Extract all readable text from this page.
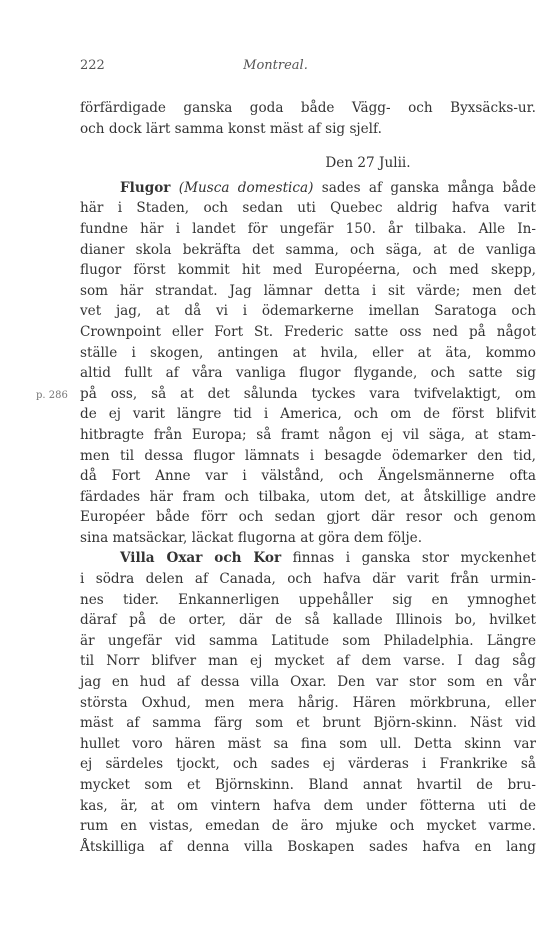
222	Montreal.
p. 286
förfärdigade ganska goda både Vägg- och Byxsäcks-ur.
och dock lärt samma konst mäst af sig sjelf.
Den 27 Julii.
Flugor (Musca domestica) sades af ganska många både
här i Staden, och sedan uti Quebec aldrig hafva varit
fundne här i landet för ungefär 150. år tilbaka. Alle In-
dianer skola bekräfta det samma, och säga, at de vanliga
flugor först kommit hit med Européerna, och med skepp,
som här strandat. Jag lämnar detta i sit värde; men det
vet jag, at då vi i ödemarkerne imellan Saratoga och
Crownpoint eller Fort St. Frederic satte oss ned på något
ställe i skogen, antingen at hvila, eller at äta, kommo
altid fullt af våra vanliga flugor flygande, och satte sig
på oss, så at det sålunda tyckes vara tvifvelaktigt, om
de ej varit längre tid i America, och om de först blifvit
hitbragte från Europa; så framt någon ej vil säga, at stam-
men til dessa flugor lämnats i besagde ödemarker den tid,
då Fort Anne var i välstånd, och Ängelsmännerne ofta
färdades här fram och tilbaka, utom det, at åtskillige andre
Européer både förr och sedan gjort där resor och genom
sina matsäckar, läckat flugorna at göra dem följe.
Villa Oxar och Kor finnas i ganska stor myckenhet
i södra delen af Canada, och hafva där varit från urmin-
nes tider. Enkannerligen uppehåller sig en ymnoghet
däraf på de orter, där de så kallade Illinois bo, hvilket
är ungefär vid samma Latitude som Philadelphia. Längre
til Norr blifver man ej mycket af dem varse. I dag såg
jag en hud af dessa villa Oxar. Den var stor som en vår
största Oxhud, men mera hårig. Hären mörkbruna, eller
mäst af samma färg som et brunt Björn-skinn. Näst vid
hullet voro hären mäst sa fina som ull. Detta skinn var
ej särdeles tjockt, och sades ej värderas i Frankrike så
mycket som et Björnskinn. Bland annat hvartil de bru-
kas, är, at om vintern hafva dem under fötterna uti de
rum en vistas, emedan de äro mjuke och mycket varme.
Åtskilliga af denna villa Boskapen sades hafva en lang
